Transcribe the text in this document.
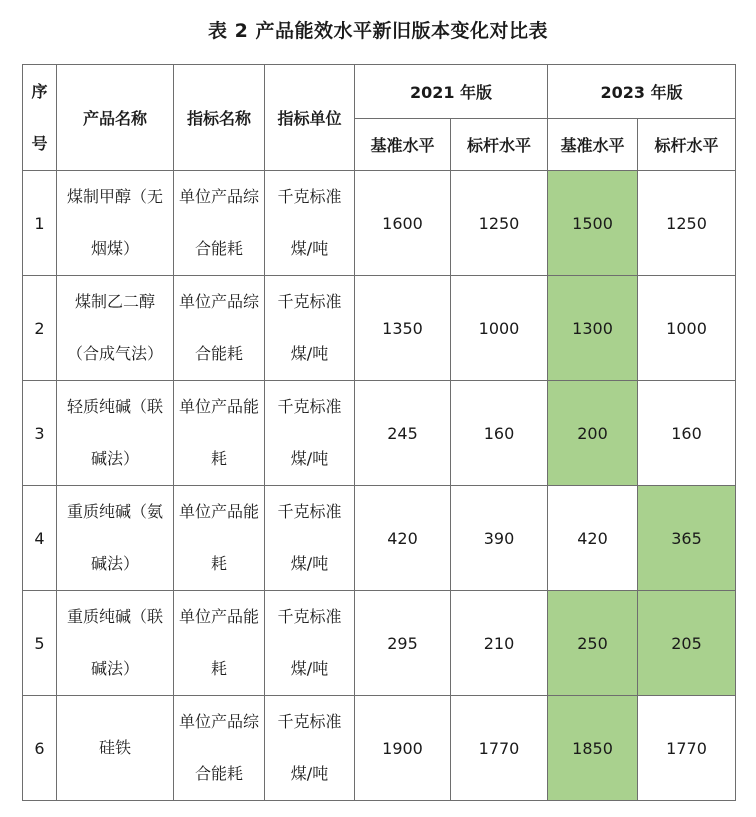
表 2 产品能效水平新旧版本变化对比表
序号	产品名称	指标名称	指标单位	2021 年版		2023 年版	
				基准水平	标杆水平	基准水平	标杆水平
1	煤制甲醇（无烟煤）	单位产品综合能耗	千克标准煤/吨	1600	1250	1500	1250
2	煤制乙二醇（合成气法）	单位产品综合能耗	千克标准煤/吨	1350	1000	1300	1000
3	轻质纯碱（联碱法）	单位产品能耗	千克标准煤/吨	245	160	200	160
4	重质纯碱（氨碱法）	单位产品能耗	千克标准煤/吨	420	390	420	365
5	重质纯碱（联碱法）	单位产品能耗	千克标准煤/吨	295	210	250	205
6	硅铁	单位产品综合能耗	千克标准煤/吨	1900	1770	1850	1770
